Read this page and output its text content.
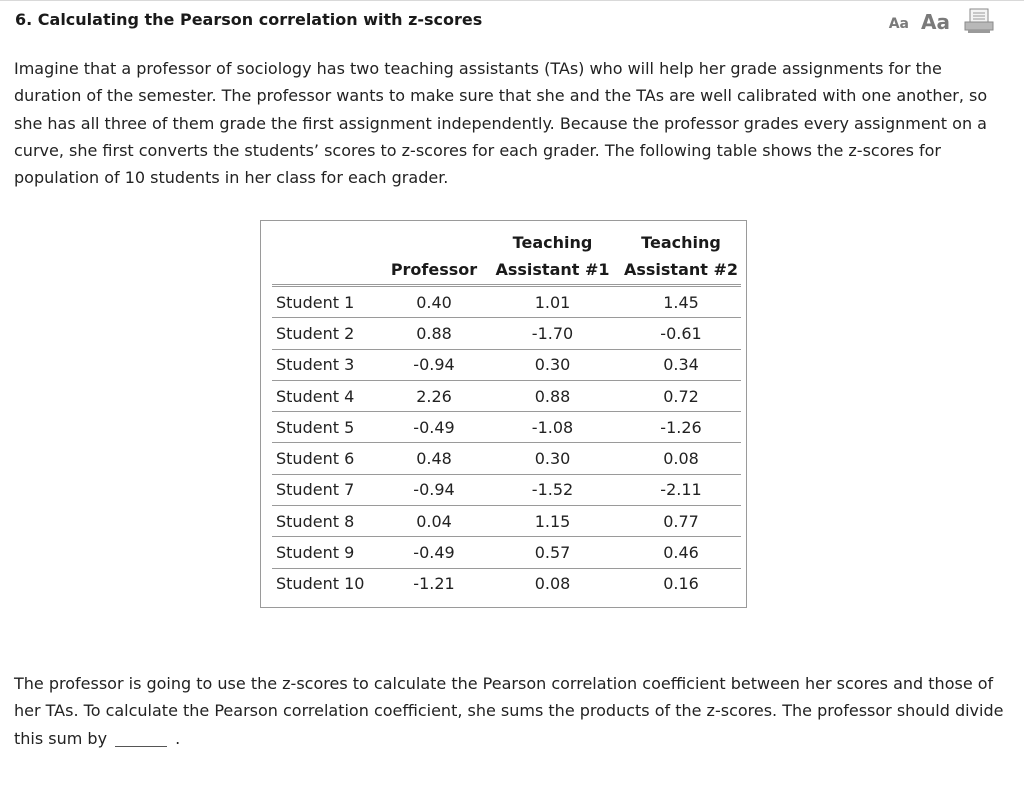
6. Calculating the Pearson correlation with z-scores	Aa Aa
Imagine that a professor of sociology has two teaching assistants (TAs) who will help her grade assignments for the duration of the semester. The professor wants to make sure that she and the TAs are well calibrated with one another, so she has all three of them grade the first assignment independently. Because the professor grades every assignment on a curve, she first converts the students’ scores to z-scores for each grader. The following table shows the z-scores for population of 10 students in her class for each grader.
		Teaching	Teaching
	Professor	Assistant #1	Assistant #2
Student 1	0.40	1.01	1.45
Student 2	0.88	-1.70	-0.61
Student 3	-0.94	0.30	0.34
Student 4	2.26	0.88	0.72
Student 5	-0.49	-1.08	-1.26
Student 6	0.48	0.30	0.08
Student 7	-0.94	-1.52	-2.11
Student 8	0.04	1.15	0.77
Student 9	-0.49	0.57	0.46
Student 10	-1.21	0.08	0.16
The professor is going to use the z-scores to calculate the Pearson correlation coefficient between her scores and those of her TAs. To calculate the Pearson correlation coefficient, she sums the products of the z-scores. The professor should divide this sum by	.
